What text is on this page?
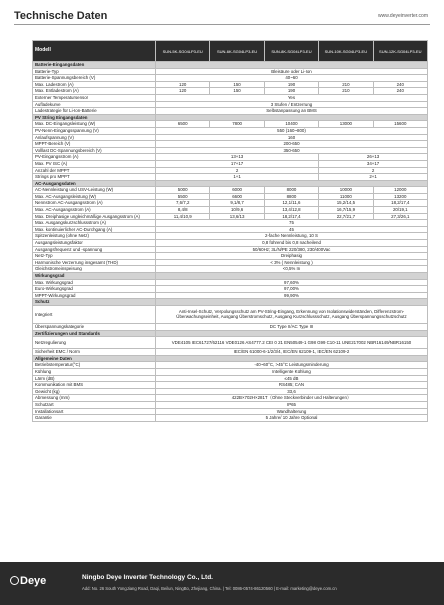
Technische Daten	www.deyeinverter.com
Modell	SUN-5K-SG04LP3-EU	SUN-6K-SG04LP3-EU	SUN-8K-SG04LP3-EU	SUN-10K-SG04LP3-EU	SUN-12K-SG04LP3-EU
Batterie-Eingangsdaten					
Batterie-Typ	Bleisäure oder Li-Ion				
Batterie-Spannungsbereich (V)	40~60				
Max. Ladestrom (A)	120	150	190	210	240
Max. Entladestrom (A)	120	150	190	210	240
Externer Temperatursensor	Yes				
Aufladekurve	3 Stufen / Entzerrung				
Ladestrategie für Li-Ion-Batterie	Selbstanpassung an BMS				
PV String Eingangsdaten					
Max. DC-Eingangsleistung (W)	6500	7800	10400	13000	15600
PV-Nenn-Eingangsspannung (V)	550 (160~800)				
Anlaufspannung (V)	160				
MPPT-Bereich (V)	200-650				
Volllast DC-Spannungsbereich (V)	350-650				
PV-Eingangsstrom (A)	13+13			26+13	
Max. PV ISC (A)	17+17			34+17	
Anzahl der MPPT	2			2	
Strings pro MPPT	1+1			2+1	
AC-Ausgangsdaten					
AC-Nennleistung und USV-Leistung (W)	5000	6000	8000	10000	12000
Max. AC-Ausgangsleistung (W)	5500	6600	8800	11000	13200
Nennstrom AC-Ausgangsstrom (A)	7,6/7,2	9,1/8,7	12,1/11,6	15,2/14,5	18,2/17,4
Max. AC-Ausgangsstrom (A)	8,4/8	10/9,6	13,4/12,8	16,7/15,9	20/19,1
Max. Dreiphasige ungleichmäßige Ausgangsstrom (A)	11,4/10,9	13,6/13	18,2/17,4	22,7/21,7	27,3/26,1
Max. Ausgangskurzschlussstrom (A)	75				
Max. kontinuierlicher AC-Durchgang (A)	45				
Spitzenleistung (ohne Netz)	2-fache Nennleistung, 10 S				
Ausgangsleistungsfaktor	0,8 führend bis 0,8 nacheilend				
Ausgangsfrequenz und -spannung	50/60Hz; 3L/N/PE 220/380, 230/400Vac				
Netz-Typ	Dreiphasig				
Harmonische Verzerrung insgesamt (THD)	< 3% ( Nennleistung )				
Gleichstromeinspeisung	<0,5% In				
Wirkungsgrad					
Max. Wirkungsgrad	97,60%				
Euro-Wirkungsgrad	97,00%				
MPPT-Wirkungsgrad	99,90%				
Schutz					
Integriert	Anti-Insel-Schutz, Verpolungsschutz am PV-String-Eingang, Erkennung von Isolationswiderständen, Differenzstrom-Überwachungseinheit, Ausgang Überstromschutz, Ausgang Kurzschlussschutz, Ausgang Überspannungsschutzschutz				
Überspannungskategorie	DC Type II/AC Type III				
Zertifizierungen und Standards					
Netzregulierung	VDE4105 IEC61727/62116 VDE0126 AS4777.2 CEI 0 21 EN50549-1 G98 G99 C10-11 UNE217002 NBR16149/NBR16150				
Sicherheit EMC / Norm	IEC/EN 61000-6-1/2/3/4, IEC/EN 62109-1, IEC/EN 62109-2				
Allgemeine Daten					
Betriebstemperatur(°C)	-40~60°C, >45°C Leistungsminderung				
Kühlung	Intelligente Kühlung				
Lärm (dB)	≤45 dB				
Kommunikation mit BMS	RS485; CAN				
Gewicht (kg)	33,6				
Abmessung (mm)	422B×702H×281T（Ohne Steckverbinder und Halterungen）				
Schutzart	IP65				
Installationsart	Wandhalterung				
Garantie	5 Jahre/ 10 Jahre Optional				
Deye	Ningbo Deye Inverter Technology Co., Ltd.
Add: No. 26 South YongJiang Road, Daqi, Beilun, NingBo, Zhejiang, China. | Tel: 0086-0574-86120560 | E-mail: marketing@deye.com.cn
